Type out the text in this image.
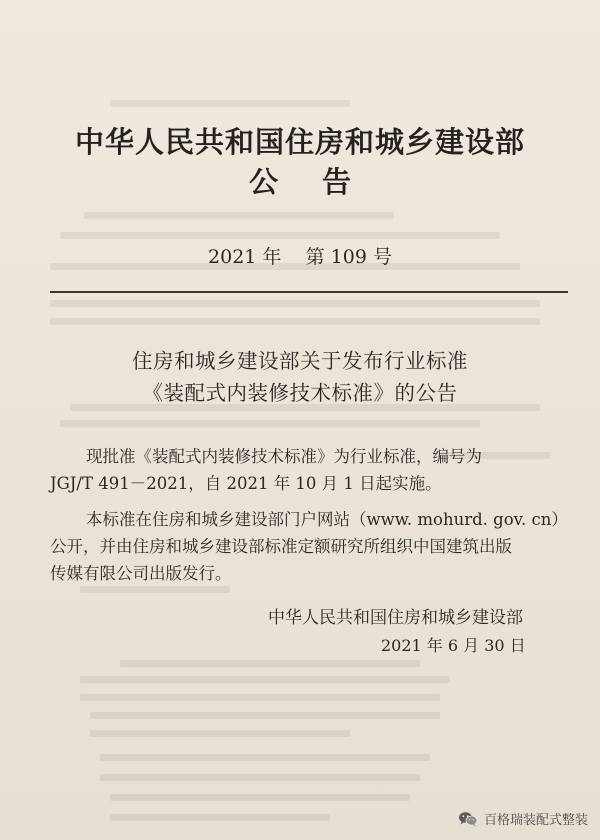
中华人民共和国住房和城乡建设部
公告
2021 年    第 109 号
住房和城乡建设部关于发布行业标准
《装配式内装修技术标准》的公告
现批准《装配式内装修技术标准》为行业标准，编号为
JGJ/T 491－2021，自 2021 年 10 月 1 日起实施。
本标准在住房和城乡建设部门户网站（www. mohurd. gov. cn）
公开，并由住房和城乡建设部标准定额研究所组织中国建筑出版
传媒有限公司出版发行。
中华人民共和国住房和城乡建设部
2021 年 6 月 30 日
百格瑞装配式整装
